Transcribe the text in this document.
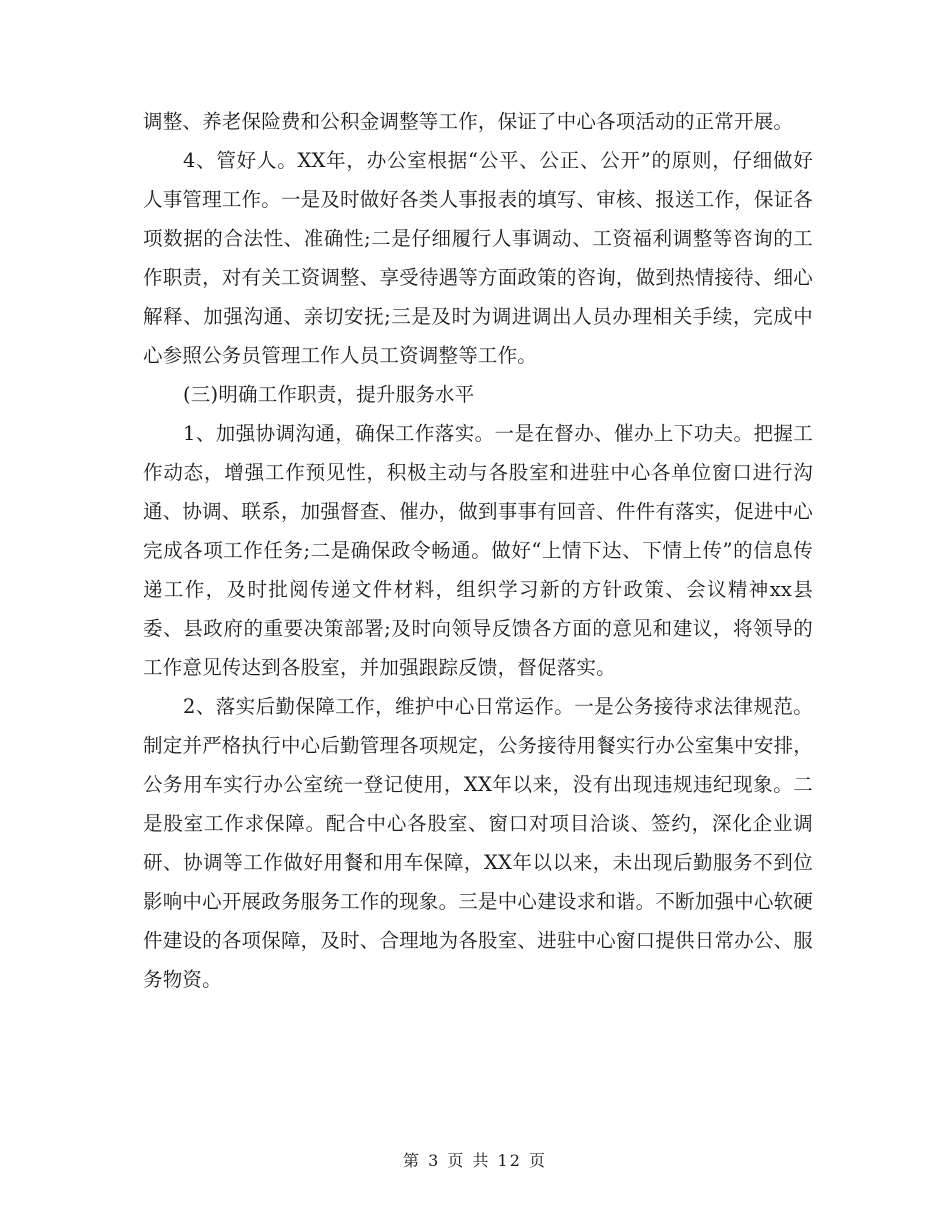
调整、养老保险费和公积金调整等工作，保证了中心各项活动的正常开展。

4、管好人。XX年，办公室根据“公平、公正、公开”的原则，仔细做好人事管理工作。一是及时做好各类人事报表的填写、审核、报送工作，保证各项数据的合法性、准确性;二是仔细履行人事调动、工资福利调整等咨询的工作职责，对有关工资调整、享受待遇等方面政策的咨询，做到热情接待、细心解释、加强沟通、亲切安抚;三是及时为调进调出人员办理相关手续，完成中心参照公务员管理工作人员工资调整等工作。

(三)明确工作职责，提升服务水平

1、加强协调沟通，确保工作落实。一是在督办、催办上下功夫。把握工作动态，增强工作预见性，积极主动与各股室和进驻中心各单位窗口进行沟通、协调、联系，加强督查、催办，做到事事有回音、件件有落实，促进中心完成各项工作任务;二是确保政令畅通。做好“上情下达、下情上传”的信息传递工作，及时批阅传递文件材料，组织学习新的方针政策、会议精神xx县委、县政府的重要决策部署;及时向领导反馈各方面的意见和建议，将领导的工作意见传达到各股室，并加强跟踪反馈，督促落实。

2、落实后勤保障工作，维护中心日常运作。一是公务接待求法律规范。制定并严格执行中心后勤管理各项规定，公务接待用餐实行办公室集中安排，公务用车实行办公室统一登记使用，XX年以来，没有出现违规违纪现象。二是股室工作求保障。配合中心各股室、窗口对项目洽谈、签约，深化企业调研、协调等工作做好用餐和用车保障，XX年以以来，未出现后勤服务不到位影响中心开展政务服务工作的现象。三是中心建设求和谐。不断加强中心软硬件建设的各项保障，及时、合理地为各股室、进驻中心窗口提供日常办公、服务物资。

第 3 页 共 12 页
